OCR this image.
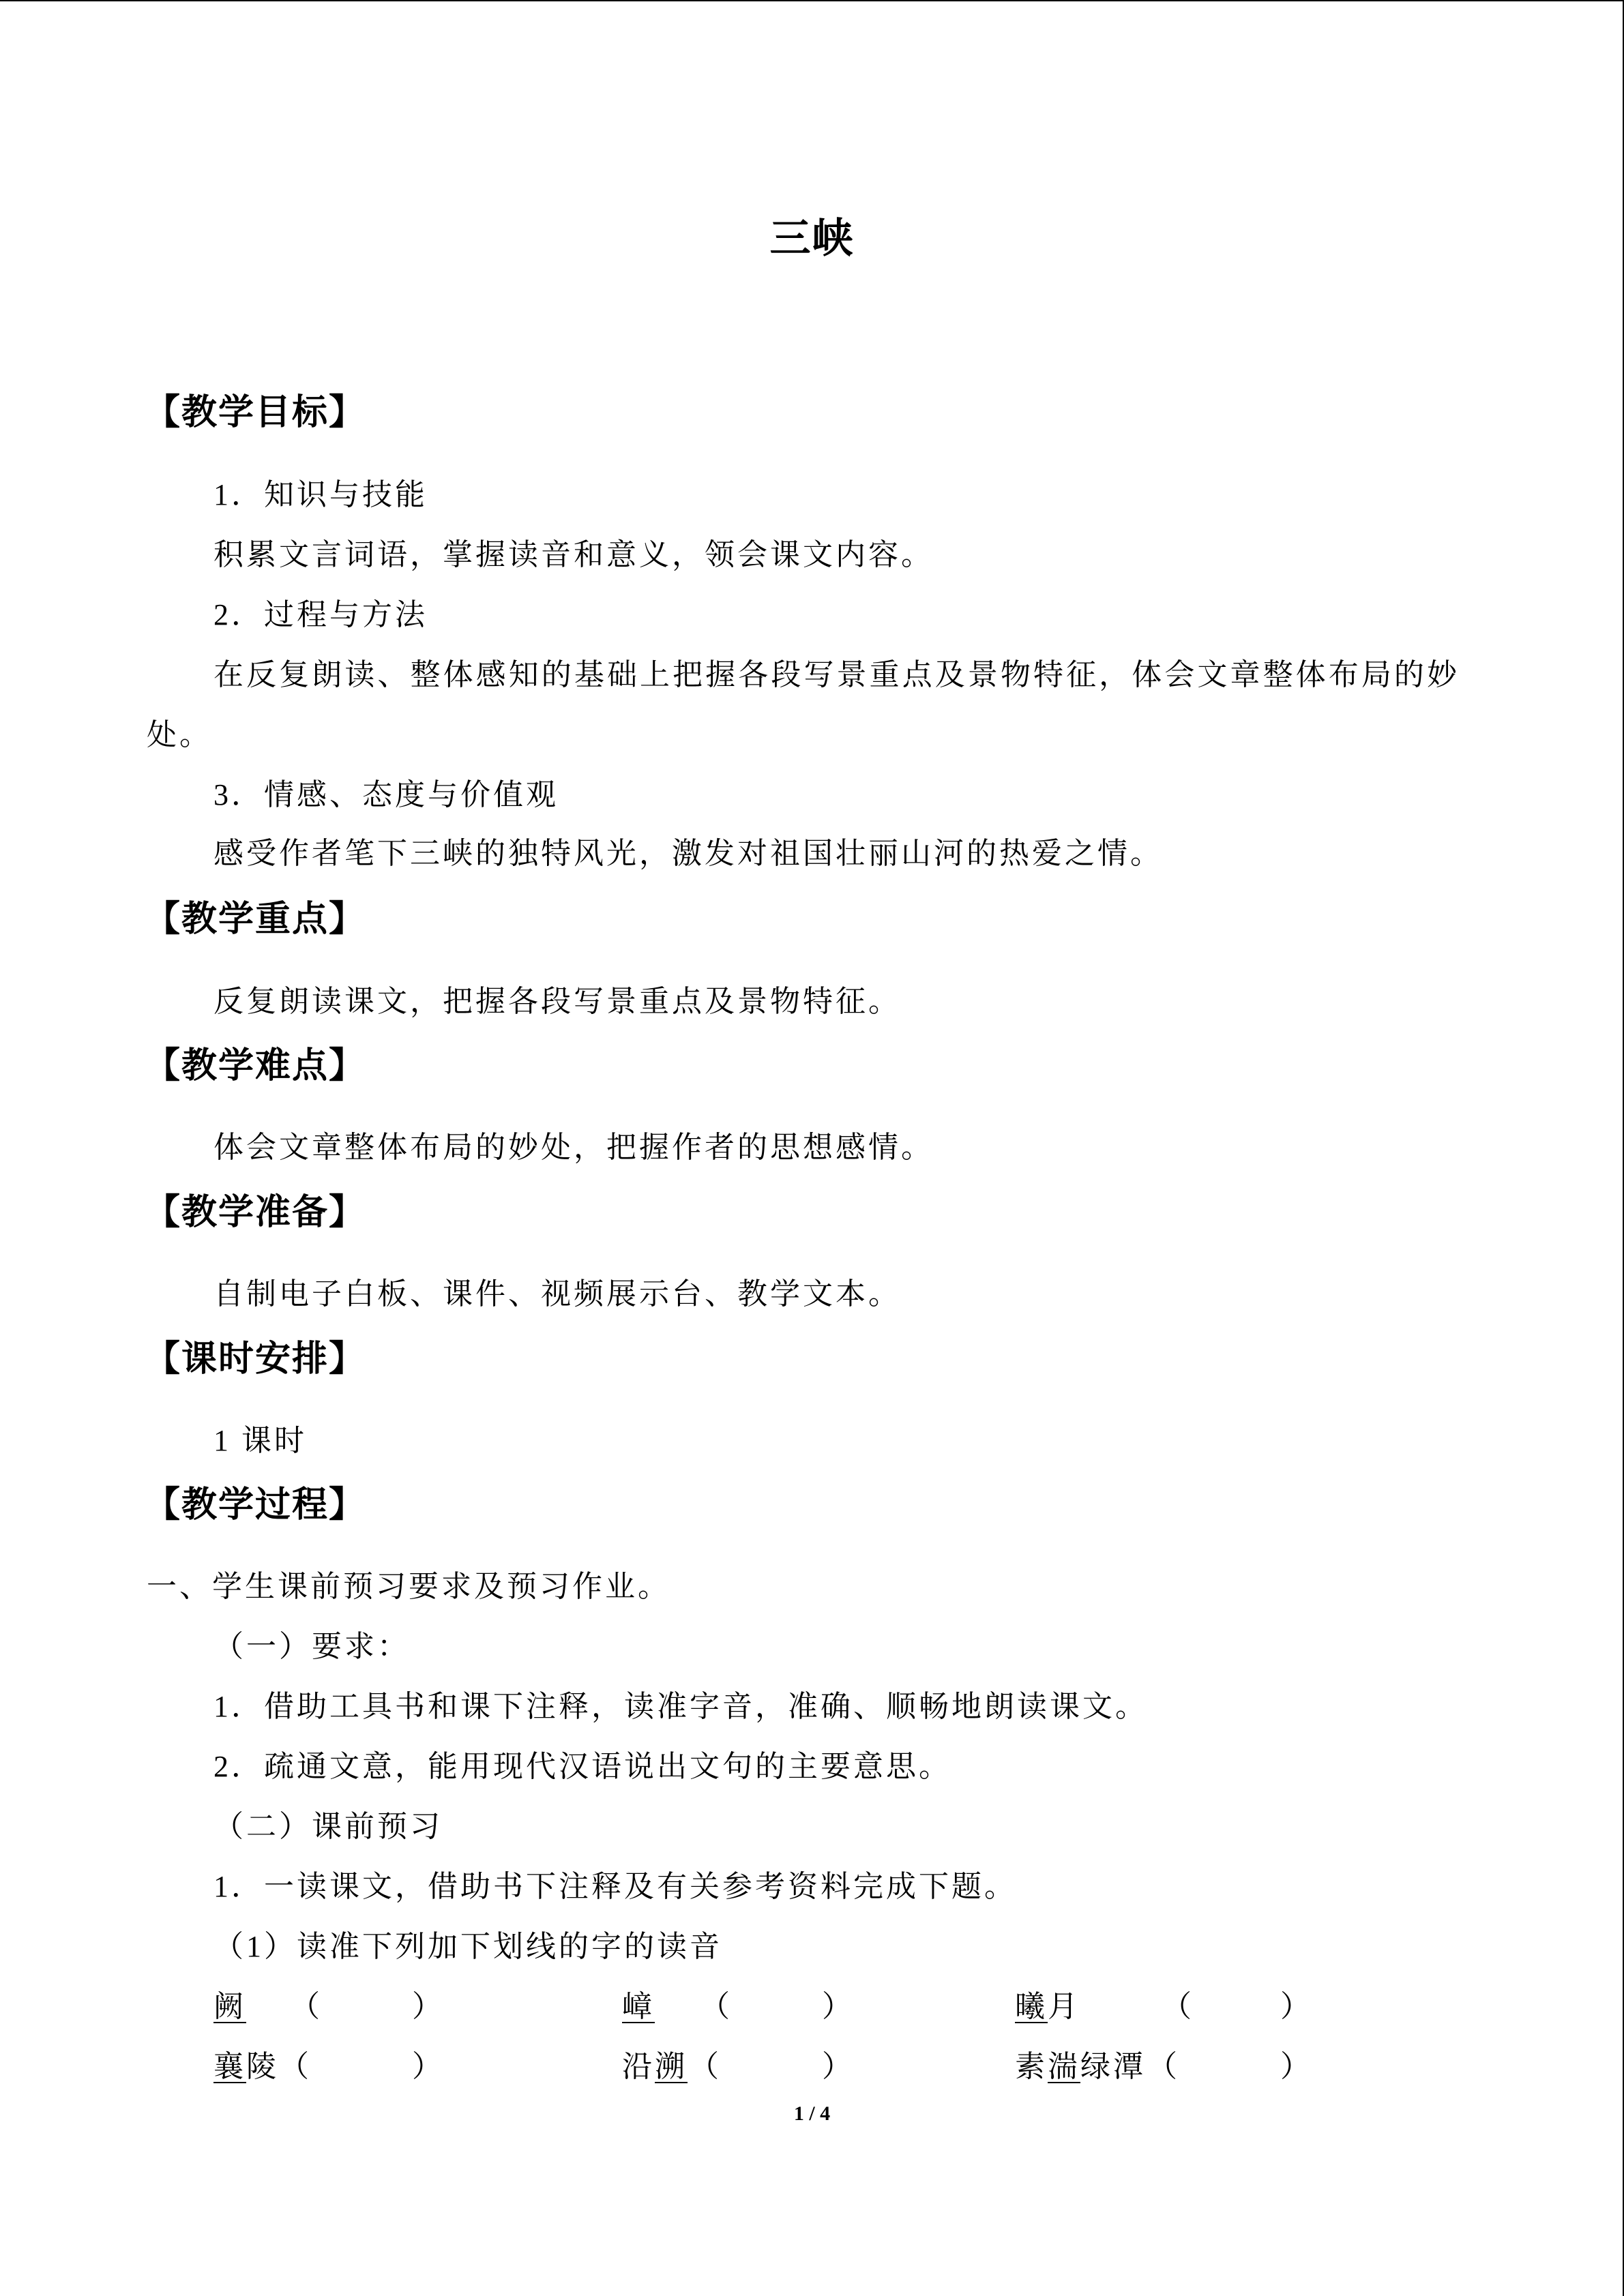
三峡
【教学目标】
1．知识与技能
积累文言词语，掌握读音和意义，领会课文内容。
2．过程与方法
在反复朗读、整体感知的基础上把握各段写景重点及景物特征，体会文章整体布局的妙处。
3．情感、态度与价值观
感受作者笔下三峡的独特风光，激发对祖国壮丽山河的热爱之情。
【教学重点】
反复朗读课文，把握各段写景重点及景物特征。
【教学难点】
体会文章整体布局的妙处，把握作者的思想感情。
【教学准备】
自制电子白板、课件、视频展示台、教学文本。
【课时安排】
1 课时
【教学过程】
一、学生课前预习要求及预习作业。
（一）要求：
1．借助工具书和课下注释，读准字音，准确、顺畅地朗读课文。
2．疏通文意，能用现代汉语说出文句的主要意思。
（二）课前预习
1．一读课文，借助书下注释及有关参考资料完成下题。
（1）读准下列加下划线的字的读音
阙 （	）	嶂 （	）	曦月	（	）
襄陵 （	）	沿溯 （	）	素湍绿潭 （	）
1 / 4
